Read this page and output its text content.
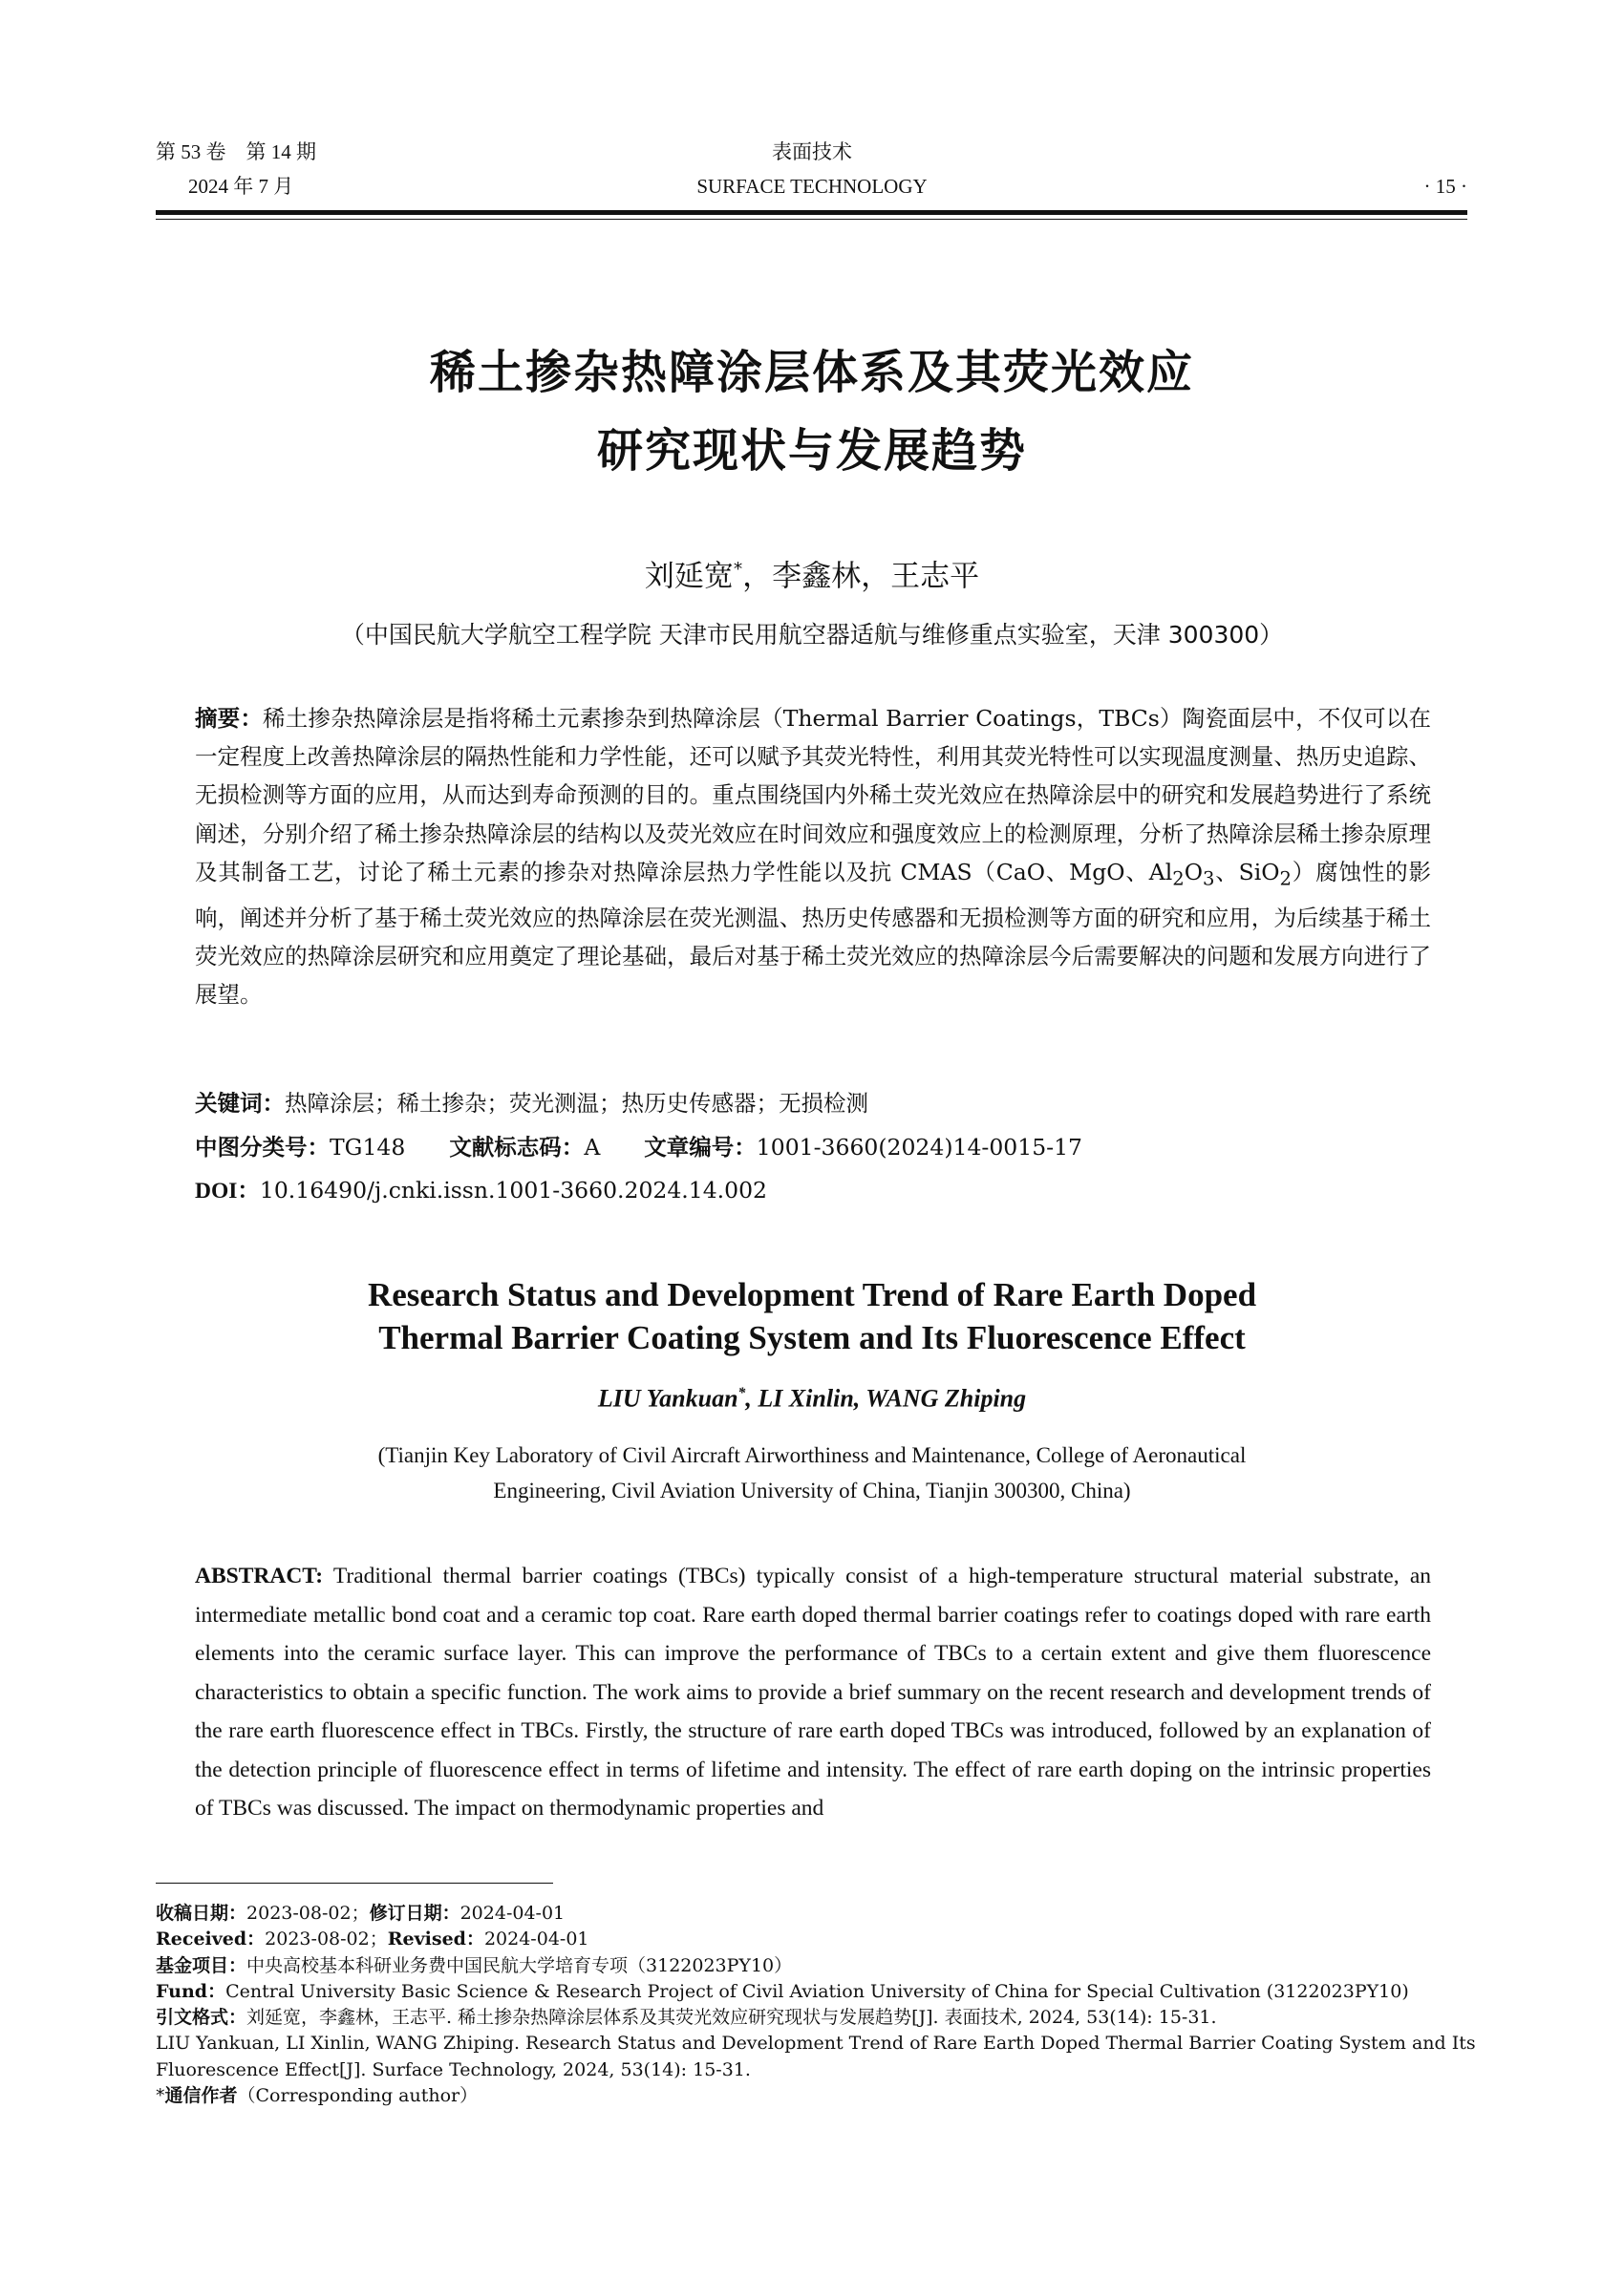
第 53 卷　第 14 期
2024 年 7 月
表面技术
SURFACE TECHNOLOGY	· 15 ·
稀土掺杂热障涂层体系及其荧光效应
研究现状与发展趋势
刘延宽*，李鑫林，王志平
（中国民航大学航空工程学院 天津市民用航空器适航与维修重点实验室，天津 300300）
摘要：稀土掺杂热障涂层是指将稀土元素掺杂到热障涂层（Thermal Barrier Coatings，TBCs）陶瓷面层中，不仅可以在一定程度上改善热障涂层的隔热性能和力学性能，还可以赋予其荧光特性，利用其荧光特性可以实现温度测量、热历史追踪、无损检测等方面的应用，从而达到寿命预测的目的。重点围绕国内外稀土荧光效应在热障涂层中的研究和发展趋势进行了系统阐述，分别介绍了稀土掺杂热障涂层的结构以及荧光效应在时间效应和强度效应上的检测原理，分析了热障涂层稀土掺杂原理及其制备工艺，讨论了稀土元素的掺杂对热障涂层热力学性能以及抗 CMAS（CaO、MgO、$Al_2O_3$、SiO$_2$）腐蚀性的影响，阐述并分析了基于稀土荧光效应的热障涂层在荧光测温、热历史传感器和无损检测等方面的研究和应用，为后续基于稀土荧光效应的热障涂层研究和应用奠定了理论基础，最后对基于稀土荧光效应的热障涂层今后需要解决的问题和发展方向进行了展望。
关键词：热障涂层；稀土掺杂；荧光测温；热历史传感器；无损检测
中图分类号：TG148 文献标志码：A 文章编号：1001-3660(2024)14-0015-17
DOI：10.16490/j.cnki.issn.1001-3660.2024.14.002
Research Status and Development Trend of Rare Earth Doped
Thermal Barrier Coating System and Its Fluorescence Effect
LIU Yankuan*, LI Xinlin, WANG Zhiping
(Tianjin Key Laboratory of Civil Aircraft Airworthiness and Maintenance, College of Aeronautical
Engineering, Civil Aviation University of China, Tianjin 300300, China)
ABSTRACT: Traditional thermal barrier coatings (TBCs) typically consist of a high-temperature structural material substrate, an intermediate metallic bond coat and a ceramic top coat. Rare earth doped thermal barrier coatings refer to coatings doped with rare earth elements into the ceramic surface layer. This can improve the performance of TBCs to a certain extent and give them fluorescence characteristics to obtain a specific function. The work aims to provide a brief summary on the recent research and development trends of the rare earth fluorescence effect in TBCs. Firstly, the structure of rare earth doped TBCs was introduced, followed by an explanation of the detection principle of fluorescence effect in terms of lifetime and intensity. The effect of rare earth doping on the intrinsic properties of TBCs was discussed. The impact on thermodynamic properties and
收稿日期：2023-08-02；修订日期：2024-04-01
Received：2023-08-02；Revised：2024-04-01
基金项目：中央高校基本科研业务费中国民航大学培育专项（3122023PY10）
Fund：Central University Basic Science & Research Project of Civil Aviation University of China for Special Cultivation (3122023PY10)
引文格式：刘延宽，李鑫林，王志平. 稀土掺杂热障涂层体系及其荧光效应研究现状与发展趋势[J]. 表面技术, 2024, 53(14): 15-31.
LIU Yankuan, LI Xinlin, WANG Zhiping. Research Status and Development Trend of Rare Earth Doped Thermal Barrier Coating System and Its Fluorescence Effect[J]. Surface Technology, 2024, 53(14): 15-31.
*通信作者（Corresponding author）
